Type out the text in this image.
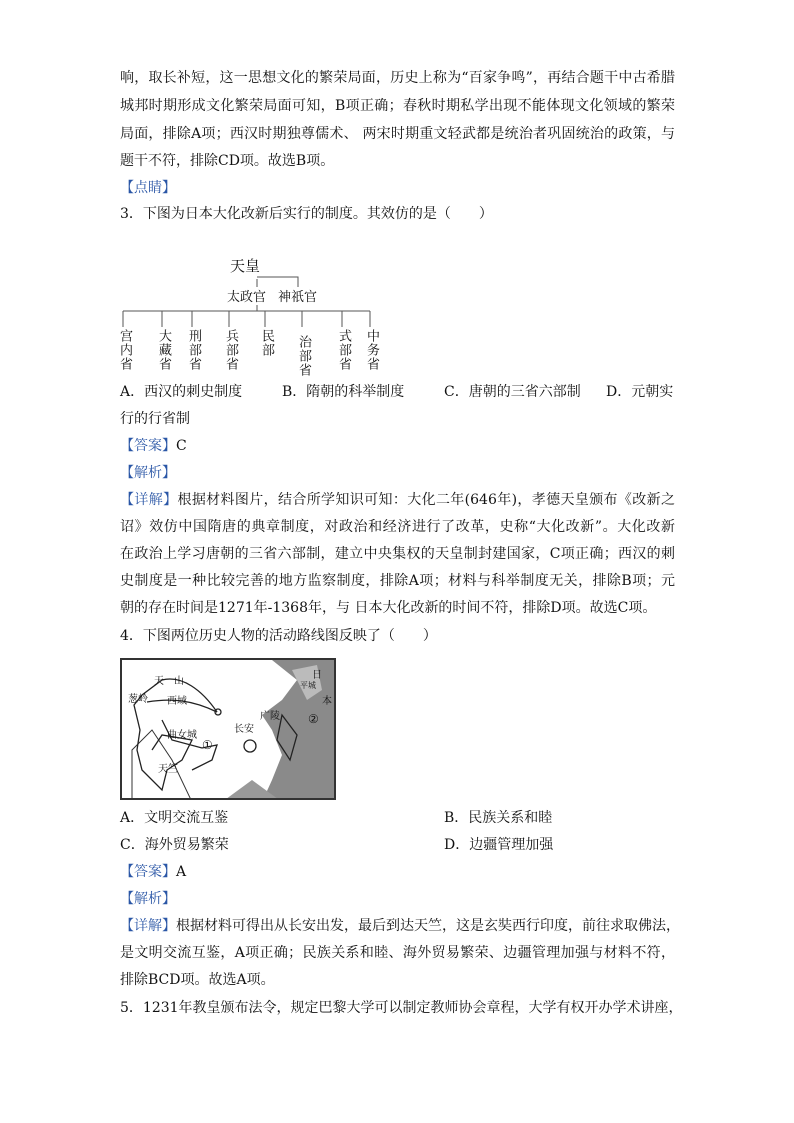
响，取长补短，这一思想文化的繁荣局面，历史上称为“百家争鸣”，再结合题干中古希腊
城邦时期形成文化繁荣局面可知，B项正确；春秋时期私学出现不能体现文化领域的繁荣
局面，排除A项；西汉时期独尊儒术、 两宋时期重文轻武都是统治者巩固统治的政策，与
题干不符，排除CD项。故选B项。
【点睛】
3．下图为日本大化改新后实行的制度。其效仿的是（　　）
天皇
太政官 神祇官
宫内省 大藏省 刑部省 兵部省 民部 治部省 式部省 中务省
A．西汉的刺史制度	B．隋朝的科举制度	C．唐朝的三省六部制 D．元朝实
行的行省制
【答案】C
【解析】
【详解】根据材料图片，结合所学知识可知：大化二年(646年)，孝德天皇颁布《改新之
诏》效仿中国隋唐的典章制度，对政治和经济进行了改革，史称“大化改新”。大化改新
在政治上学习唐朝的三省六部制，建立中央集权的天皇制封建国家，C项正确；西汉的刺
史制度是一种比较完善的地方监察制度，排除A项；材料与科举制度无关，排除B项；元
朝的存在时间是1271年-1368年，与 日本大化改新的时间不符，排除D项。故选C项。
4．下图两位历史人物的活动路线图反映了（　　）
天　山
葱岭 西域
长安
广陵
曲女城
天竺
①
②
日
平城
本
A．文明交流互鉴	B．民族关系和睦
C．海外贸易繁荣	D．边疆管理加强
【答案】A
【解析】
【详解】根据材料可得出从长安出发，最后到达天竺，这是玄奘西行印度，前往求取佛法，
是文明交流互鉴，A项正确；民族关系和睦、海外贸易繁荣、边疆管理加强与材料不符，
排除BCD项。故选A项。
5．1231年教皇颁布法令，规定巴黎大学可以制定教师协会章程，大学有权开办学术讲座，
